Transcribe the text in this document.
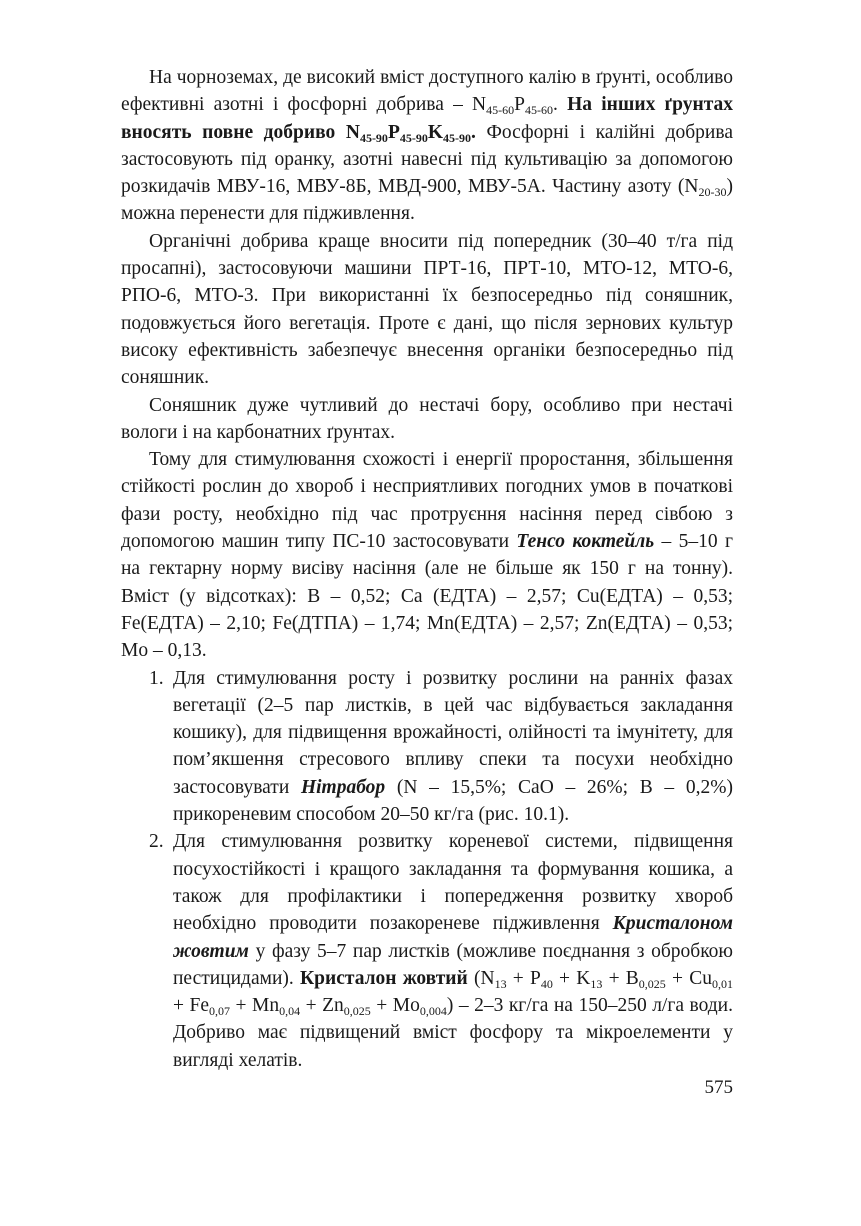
На чорноземах, де високий вміст доступного калію в ґрунті, особливо ефективні азотні і фосфорні добрива – $N_{45-60}P_{45-60}$. На інших ґрунтах вносять повне добриво $N_{45-90}P_{45-90}K_{45-90}$. Фосфорні і калійні добрива застосовують під оранку, азотні навесні під культивацію за допомогою розкидачів МВУ-16, МВУ-8Б, МВД-900, МВУ-5А. Частину азоту $(N_{20-30})$ можна перенести для підживлення.

Органічні добрива краще вносити під попередник (30–40 т/га під просапні), застосовуючи машини ПРТ-16, ПРТ-10, МТО-12, МТО-6, РПО-6, МТО-3. При використанні їх безпосередньо під соняшник, подовжується його вегетація. Проте є дані, що після зернових культур високу ефективність забезпечує внесення органіки безпосередньо під соняшник.

Соняшник дуже чутливий до нестачі бору, особливо при нестачі вологи і на карбонатних ґрунтах.

Тому для стимулювання схожості і енергії проростання, збільшення стійкості рослин до хвороб і несприятливих погодних умов в початкові фази росту, необхідно під час протруєння насіння перед сівбою з допомогою машин типу ПС-10 застосовувати Тенсо коктейль – 5–10 г на гектарну норму висіву насіння (але не більше як 150 г на тонну). Вміст (у відсотках): B – 0,52; Ca (ЕДТА) – 2,57; Cu(ЕДТА) – 0,53; Fe(ЕДТА) – 2,10; Fe(ДТПА) – 1,74; Mn(ЕДТА) – 2,57; Zn(ЕДТА) – 0,53; Mo – 0,13.

1. Для стимулювання росту і розвитку рослини на ранніх фазах вегетації (2–5 пар листків, в цей час відбувається закладання кошику), для підвищення врожайності, олійності та імунітету, для пом’якшення стресового впливу спеки та посухи необхідно застосовувати Нітрабор (N – 15,5%; CaO – 26%; B – 0,2%) прикореневим способом 20–50 кг/га (рис. 10.1).
2. Для стимулювання розвитку кореневої системи, підвищення посухостійкості і кращого закладання та формування кошика, а також для профілактики і попередження розвитку хвороб необхідно проводити позакореневе підживлення Кристалоном жовтим у фазу 5–7 пар листків (можливе поєднання з обробкою пестицидами). Кристалон жовтий $(N_{13} + P_{40} + K_{13} + B_{0,025} + Cu_{0,01} + Fe_{0,07} + Mn_{0,04} + Zn_{0,025} + Mo_{0,004}) - 2-3$ кг/га на 150–250 л/га води. Добриво має підвищений вміст фосфору та мікроелементи у вигляді хелатів.
575
